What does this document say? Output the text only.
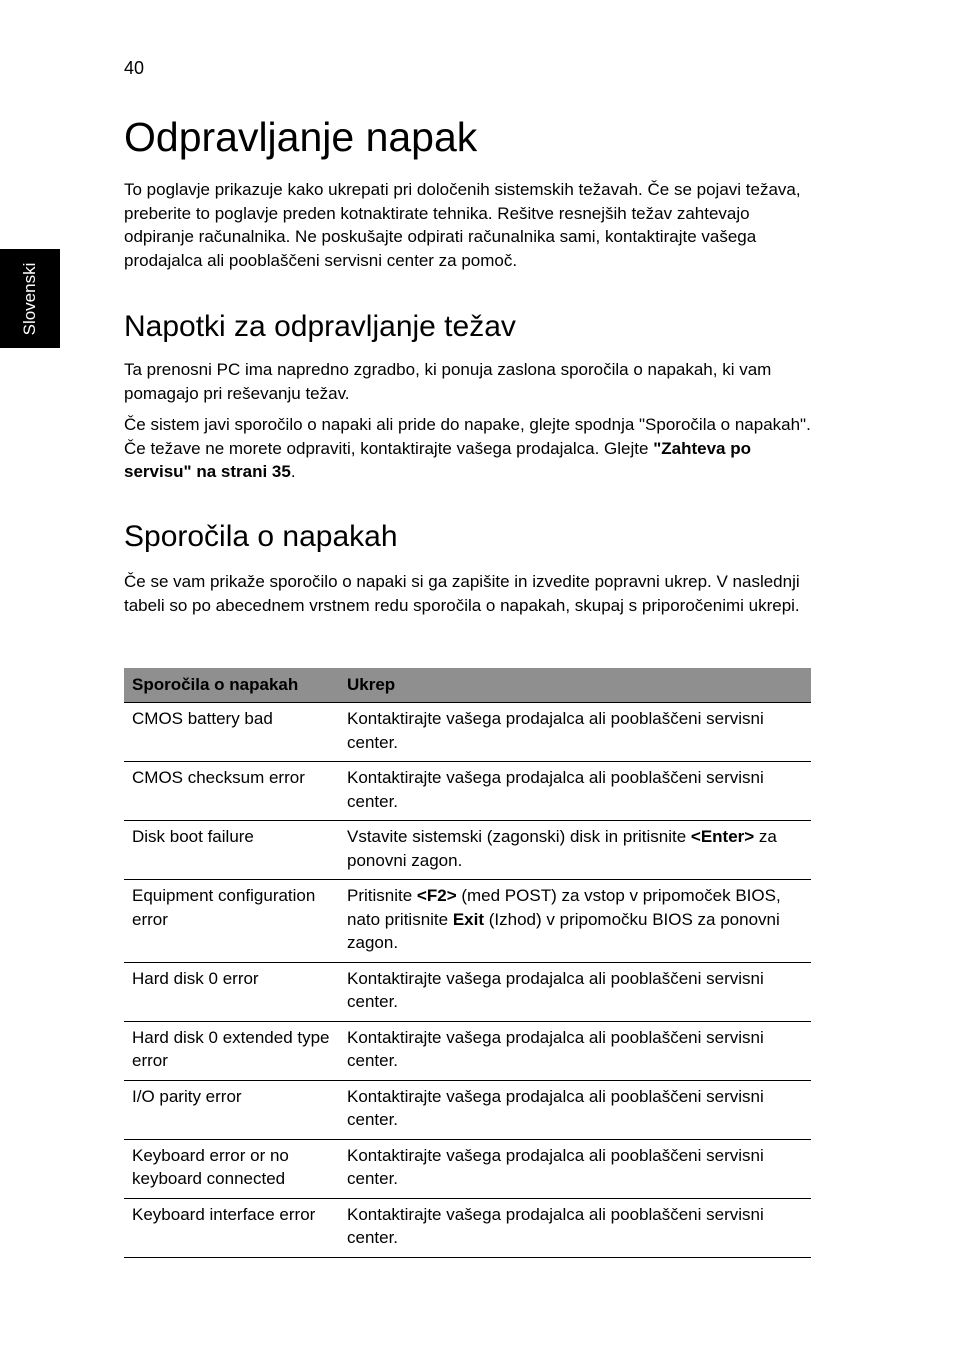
40
Slovenski
Odpravljanje napak

To poglavje prikazuje kako ukrepati pri določenih sistemskih težavah. Če se pojavi težava, preberite to poglavje preden kotnaktirate tehnika. Rešitve resnejših težav zahtevajo odpiranje računalnika. Ne poskušajte odpirati računalnika sami, kontaktirajte vašega prodajalca ali pooblaščeni servisni center za pomoč.

Napotki za odpravljanje težav

Ta prenosni PC ima napredno zgradbo, ki ponuja zaslona sporočila o napakah, ki vam pomagajo pri reševanju težav.

Če sistem javi sporočilo o napaki ali pride do napake, glejte spodnja "Sporočila o napakah". Če težave ne morete odpraviti, kontaktirajte vašega prodajalca. Glejte "Zahteva po servisu" na strani 35.

Sporočila o napakah

Če se vam prikaže sporočilo o napaki si ga zapišite in izvedite popravni ukrep. V naslednji tabeli so po abecednem vrstnem redu sporočila o napakah, skupaj s priporočenimi ukrepi.

Sporočila o napakah	Ukrep
CMOS battery bad	Kontaktirajte vašega prodajalca ali pooblaščeni servisni center.
CMOS checksum error	Kontaktirajte vašega prodajalca ali pooblaščeni servisni center.
Disk boot failure	Vstavite sistemski (zagonski) disk in pritisnite <Enter> za ponovni zagon.
Equipment configuration error	Pritisnite <F2> (med POST) za vstop v pripomoček BIOS, nato pritisnite Exit (Izhod) v pripomočku BIOS za ponovni zagon.
Hard disk 0 error	Kontaktirajte vašega prodajalca ali pooblaščeni servisni center.
Hard disk 0 extended type error	Kontaktirajte vašega prodajalca ali pooblaščeni servisni center.
I/O parity error	Kontaktirajte vašega prodajalca ali pooblaščeni servisni center.
Keyboard error or no keyboard connected	Kontaktirajte vašega prodajalca ali pooblaščeni servisni center.
Keyboard interface error	Kontaktirajte vašega prodajalca ali pooblaščeni servisni center.
